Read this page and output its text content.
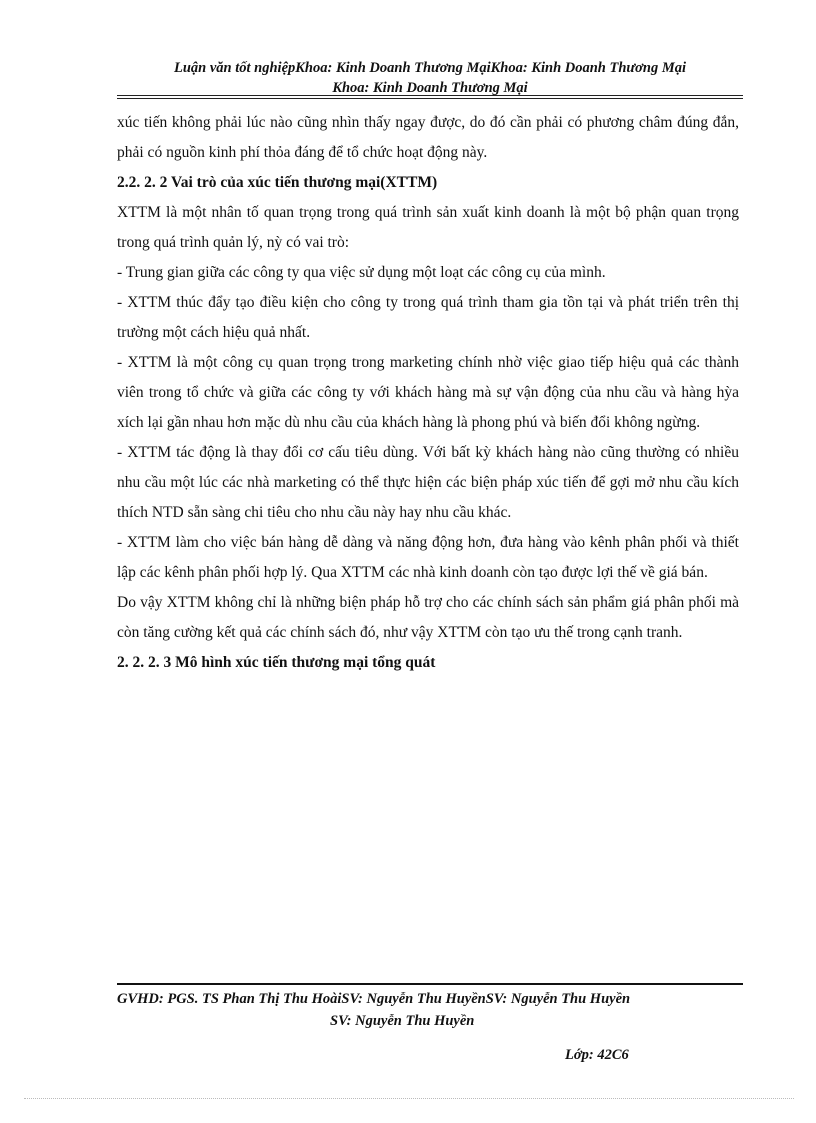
Luận văn tốt nghiệpKhoa: Kinh Doanh Thương MạiKhoa: Kinh Doanh Thương Mại
Khoa: Kinh Doanh Thương Mại

xúc tiến không phải lúc nào cũng nhìn thấy ngay được, do đó cần phải có phương châm đúng đắn, phải có nguồn kinh phí thỏa đáng để tổ chức hoạt động này.

2.2. 2. 2 Vai trò của xúc tiến thương mại(XTTM)

XTTM là một nhân tố quan trọng trong quá trình sản xuất kinh doanh là một bộ phận quan trọng trong quá trình quản lý, nỳ có vai trò:

- Trung gian giữa các công ty qua việc sử dụng một loạt các công cụ của mình.

- XTTM thúc đẩy tạo điều kiện cho công ty trong quá trình tham gia tồn tại và phát triển trên thị trường một cách hiệu quả nhất.

- XTTM là một công cụ quan trọng trong marketing chính nhờ việc giao tiếp hiệu quả các thành viên trong tổ chức và giữa các công ty với khách hàng mà sự vận động của nhu cầu và hàng hỳa xích lại gần nhau hơn mặc dù nhu cầu của khách hàng là phong phú và biến đổi không ngừng.

- XTTM tác động là thay đổi cơ cấu tiêu dùng. Với bất kỳ khách hàng nào cũng thường có nhiều nhu cầu một lúc các nhà marketing có thể thực hiện các biện pháp xúc tiến để gợi mở nhu cầu kích thích NTD sẵn sàng chi tiêu cho nhu cầu này hay nhu cầu khác.

- XTTM làm cho việc bán hàng dễ dàng và năng động hơn, đưa hàng vào kênh phân phối và thiết lập các kênh phân phối hợp lý. Qua XTTM các nhà kinh doanh còn tạo được lợi thế về giá bán.

Do vậy XTTM không chỉ là những biện pháp hỗ trợ cho các chính sách sản phẩm giá phân phối mà còn tăng cường kết quả các chính sách đó, như vậy XTTM còn tạo ưu thế trong cạnh tranh.

2. 2. 2. 3 Mô hình xúc tiến thương mại tổng quát

GVHD: PGS. TS Phan Thị Thu HoàiSV: Nguyễn Thu HuyềnSV: Nguyễn Thu Huyền
SV: Nguyễn Thu Huyền
Lớp: 42C6
